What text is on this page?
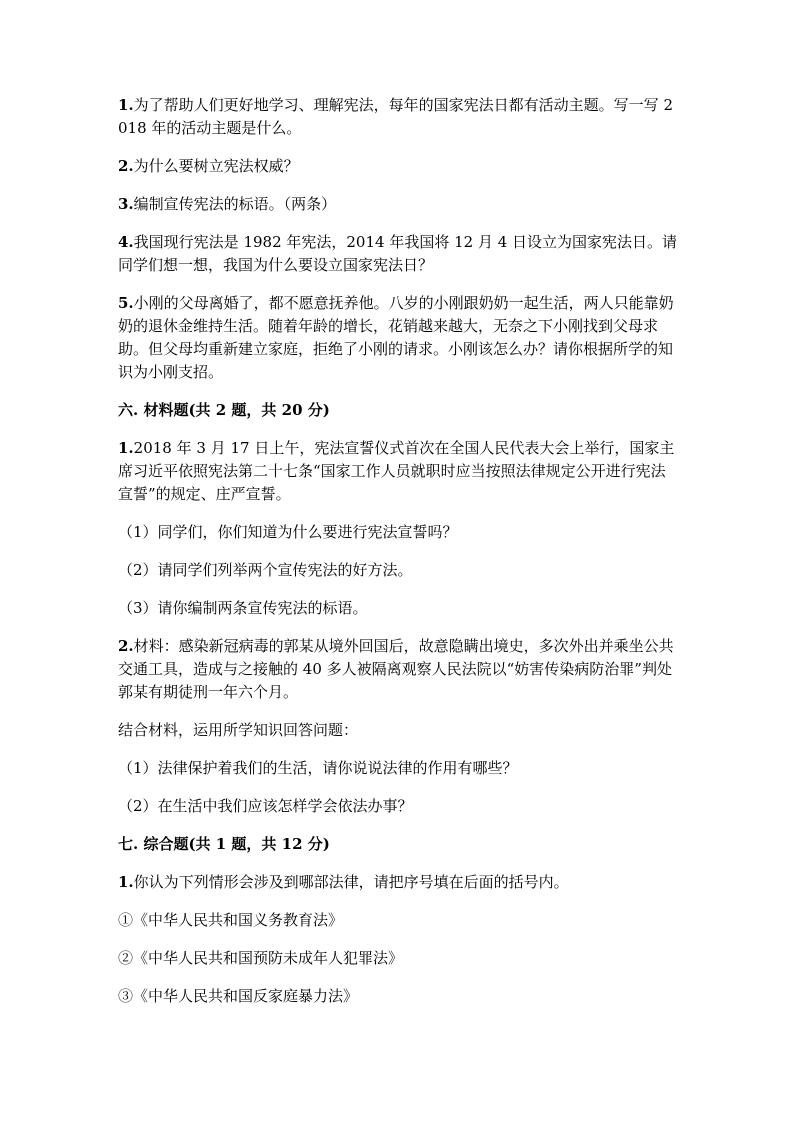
1.为了帮助人们更好地学习、理解宪法，每年的国家宪法日都有活动主题。写一写 2018 年的活动主题是什么。

2.为什么要树立宪法权威？

3.编制宣传宪法的标语。（两条）

4.我国现行宪法是 1982 年宪法，2014 年我国将 12 月 4 日设立为国家宪法日。请同学们想一想，我国为什么要设立国家宪法日？

5.小刚的父母离婚了，都不愿意抚养他。八岁的小刚跟奶奶一起生活，两人只能靠奶奶的退休金维持生活。随着年龄的增长，花销越来越大，无奈之下小刚找到父母求助。但父母均重新建立家庭，拒绝了小刚的请求。小刚该怎么办？请你根据所学的知识为小刚支招。

六. 材料题(共 2 题，共 20 分)

1.2018 年 3 月 17 日上午，宪法宣誓仪式首次在全国人民代表大会上举行，国家主席习近平依照宪法第二十七条“国家工作人员就职时应当按照法律规定公开进行宪法宣誓”的规定、庄严宣誓。

（1）同学们，你们知道为什么要进行宪法宣誓吗？

（2）请同学们列举两个宣传宪法的好方法。

（3）请你编制两条宣传宪法的标语。

2.材料：感染新冠病毒的郭某从境外回国后，故意隐瞒出境史，多次外出并乘坐公共交通工具，造成与之接触的 40 多人被隔离观察人民法院以“妨害传染病防治罪”判处郭某有期徒刑一年六个月。

结合材料，运用所学知识回答问题：

（1）法律保护着我们的生活，请你说说法律的作用有哪些？

（2）在生活中我们应该怎样学会依法办事？

七. 综合题(共 1 题，共 12 分)

1.你认为下列情形会涉及到哪部法律，请把序号填在后面的括号内。

①《中华人民共和国义务教育法》

②《中华人民共和国预防未成年人犯罪法》

③《中华人民共和国反家庭暴力法》
